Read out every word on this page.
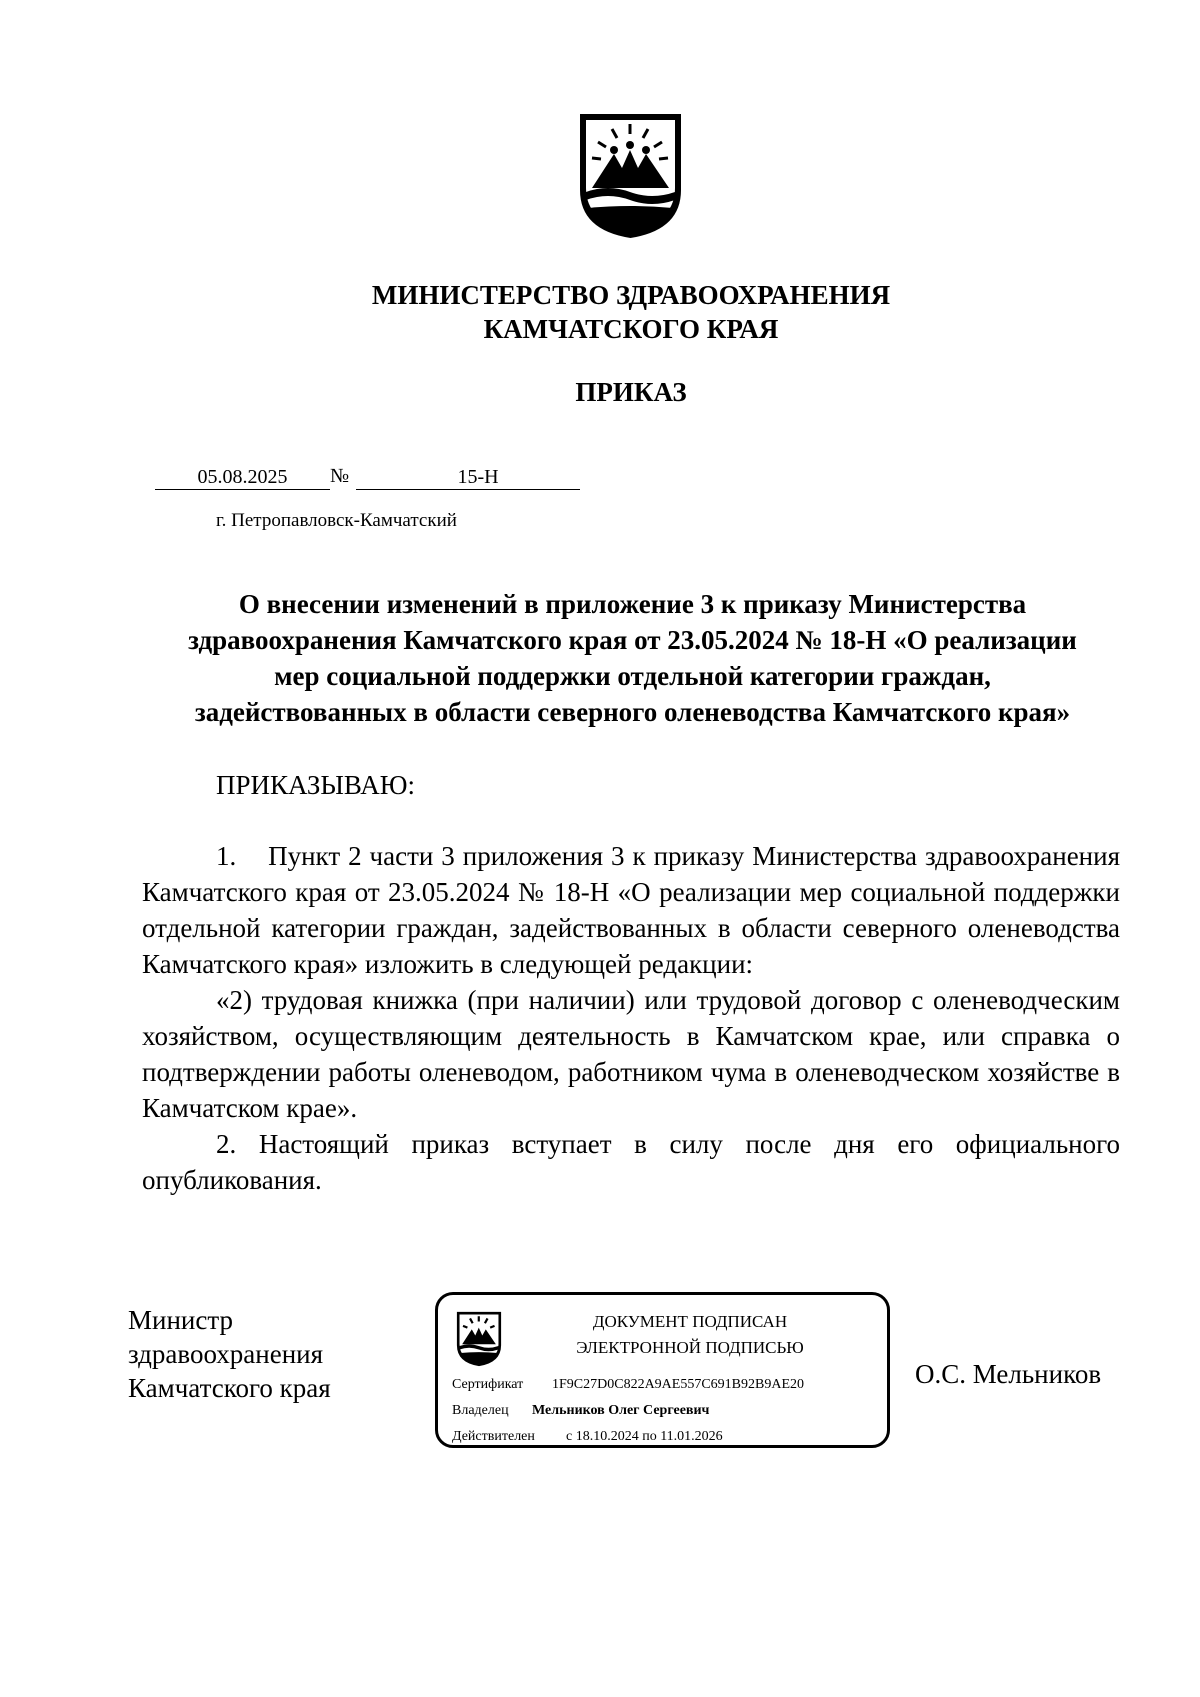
МИНИСТЕРСТВО ЗДРАВООХРАНЕНИЯ
КАМЧАТСКОГО КРАЯ
ПРИКАЗ
05.08.2025	№	15-Н
г. Петропавловск-Камчатский
О внесении изменений в приложение 3 к приказу Министерства
здравоохранения Камчатского края от 23.05.2024 № 18-Н «О реализации
мер социальной поддержки отдельной категории граждан,
задействованных в области северного оленеводства Камчатского края»
ПРИКАЗЫВАЮ:

1.    Пункт 2 части 3 приложения 3 к приказу Министерства здравоохранения Камчатского края от 23.05.2024 № 18-Н «О реализации мер социальной поддержки отдельной категории граждан, задействованных в области северного оленеводства Камчатского края» изложить в следующей редакции:

«2) трудовая книжка (при наличии) или трудовой договор с оленеводческим хозяйством, осуществляющим деятельность в Камчатском крае, или справка о подтверждении работы оленеводом, работником чума в оленеводческом хозяйстве в Камчатском крае».

2. Настоящий приказ вступает в силу после дня его официального опубликования.

Министр
здравоохранения
Камчатского края
ДОКУМЕНТ ПОДПИСАН
ЭЛЕКТРОННОЙ ПОДПИСЬЮ
Сертификат 1F9C27D0C822A9AE557C691B92B9AE20
Владелец Мельников Олег Сергеевич
Действителен с 18.10.2024 по 11.01.2026
О.С. Мельников
